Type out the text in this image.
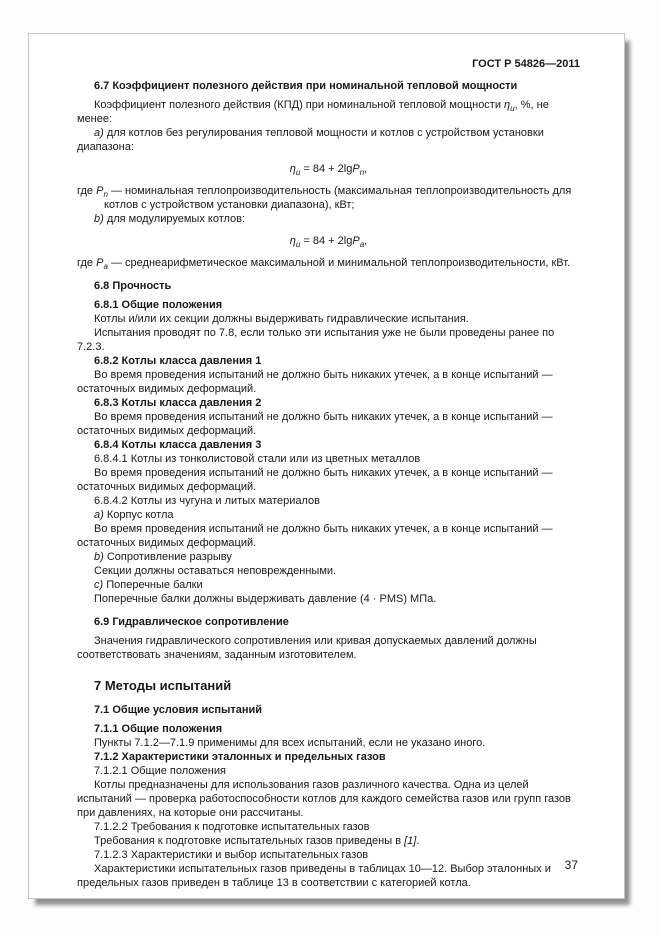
ГОСТ Р 54826—2011
6.7 Коэффициент полезного действия при номинальной тепловой мощности
Коэффициент полезного действия (КПД) при номинальной тепловой мощности $\eta_u$, %, не менее:
a) для котлов без регулирования тепловой мощности и котлов с устройством установки диапазона:
$\eta_u = 84 + 2\lg P_n$,
где $P_n$ — номинальная теплопроизводительность (максимальная теплопроизводительность для котлов с устройством установки диапазона), кВт;
b) для модулируемых котлов:
$\eta_u = 84 + 2\lg P_a$,
где $P_a$ — среднеарифметическое максимальной и минимальной теплопроизводительности, кВт.
6.8 Прочность
6.8.1 Общие положения
Котлы и/или их секции должны выдерживать гидравлические испытания.
Испытания проводят по 7.8, если только эти испытания уже не были проведены ранее по 7.2.3.
6.8.2 Котлы класса давления 1
Во время проведения испытаний не должно быть никаких утечек, а в конце испытаний — остаточных видимых деформаций.
6.8.3 Котлы класса давления 2
Во время проведения испытаний не должно быть никаких утечек, а в конце испытаний — остаточных видимых деформаций.
6.8.4 Котлы класса давления 3
6.8.4.1 Котлы из тонколистовой стали или из цветных металлов
Во время проведения испытаний не должно быть никаких утечек, а в конце испытаний — остаточных видимых деформаций.
6.8.4.2 Котлы из чугуна и литых материалов
a) Корпус котла
Во время проведения испытаний не должно быть никаких утечек, а в конце испытаний — остаточных видимых деформаций.
b) Сопротивление разрыву
Секции должны оставаться неповрежденными.
c) Поперечные балки
Поперечные балки должны выдерживать давление (4 · PMS) МПа.
6.9 Гидравлическое сопротивление
Значения гидравлического сопротивления или кривая допускаемых давлений должны соответствовать значениям, заданным изготовителем.
7 Методы испытаний
7.1 Общие условия испытаний
7.1.1 Общие положения
Пункты 7.1.2—7.1.9 применимы для всех испытаний, если не указано иного.
7.1.2 Характеристики эталонных и предельных газов
7.1.2.1 Общие положения
Котлы предназначены для использования газов различного качества. Одна из целей испытаний — проверка работоспособности котлов для каждого семейства газов или групп газов при давлениях, на которые они рассчитаны.
7.1.2.2 Требования к подготовке испытательных газов
Требования к подготовке испытательных газов приведены в [1].
7.1.2.3 Характеристики и выбор испытательных газов
Характеристики испытательных газов приведены в таблицах 10—12. Выбор эталонных и предельных газов приведен в таблице 13 в соответствии с категорией котла.
37
